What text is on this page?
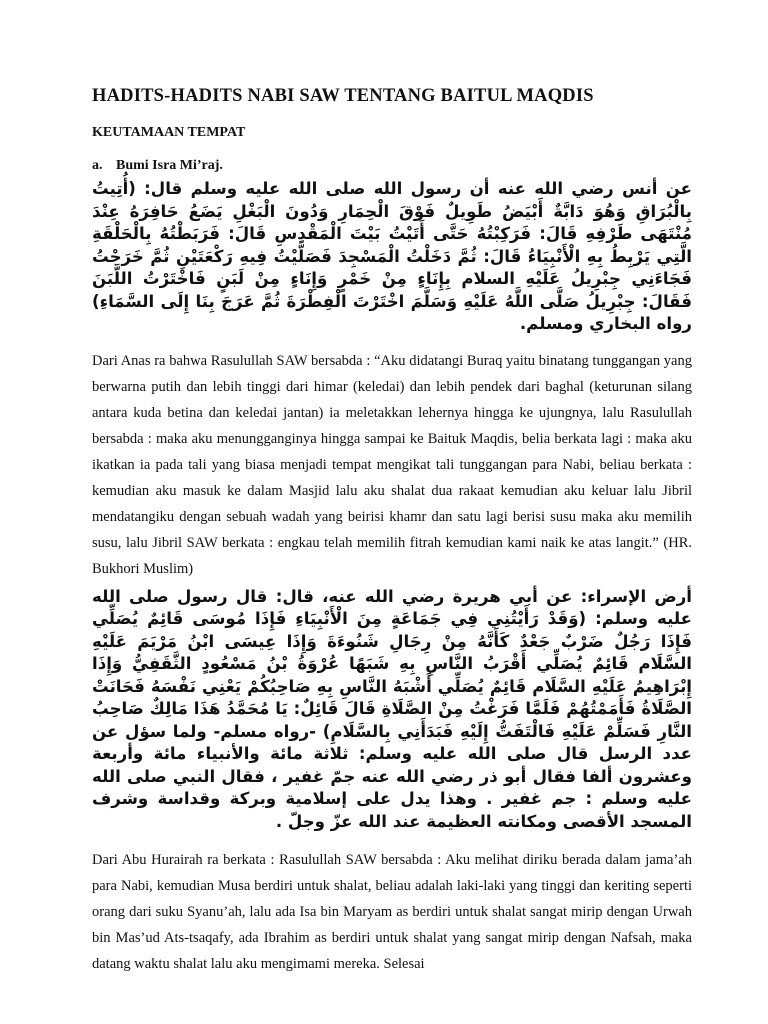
HADITS-HADITS NABI SAW TENTANG BAITUL MAQDIS
KEUTAMAAN TEMPAT
a. Bumi Isra Mi’raj.

عن أنس رضي الله عنه أن رسول الله صلى الله عليه وسلم قال: (أُتِيتُ بِالْبُرَاقِ وَهُوَ دَابَّةٌ أَبْيَضُ طَوِيلٌ فَوْقَ الْحِمَارِ وَدُونَ الْبَغْلِ يَضَعُ حَافِرَهُ عِنْدَ مُنْتَهَى طَرْفِهِ قَالَ: فَرَكِبْتُهُ حَتَّى أَتَيْتُ بَيْتَ الْمَقْدِسِ قَالَ: فَرَبَطْتُهُ بِالْحَلْقَةِ الَّتِي يَرْبِطُ بِهِ الْأَنْبِيَاءُ قَالَ: ثُمَّ دَخَلْتُ الْمَسْجِدَ فَصَلَّيْتُ فِيهِ رَكْعَتَيْنِ ثُمَّ خَرَجْتُ فَجَاءَنِي جِبْرِيلُ عَلَيْهِ السلام بِإِنَاءٍ مِنْ خَمْرٍ وَإِنَاءٍ مِنْ لَبَنٍ فَاخْتَرْتُ اللَّبَنَ فَقَالَ: جِبْرِيلُ صَلَّى اللَّهُ عَلَيْهِ وَسَلَّمَ اخْتَرْتَ الْفِطْرَةَ ثُمَّ عَرَجَ بِنَا إِلَى السَّمَاءِ) رواه البخاري ومسلم.

Dari Anas ra bahwa Rasulullah SAW bersabda : “Aku didatangi Buraq yaitu binatang tunggangan yang berwarna putih dan lebih tinggi dari himar (keledai) dan lebih pendek dari baghal (keturunan silang antara kuda betina dan keledai jantan) ia meletakkan lehernya hingga ke ujungnya, lalu Rasulullah bersabda : maka aku menungganginya hingga sampai ke Baituk Maqdis, belia berkata lagi : maka aku ikatkan ia pada tali yang biasa menjadi tempat mengikat tali tunggangan para Nabi, beliau berkata : kemudian aku masuk ke dalam Masjid lalu aku shalat dua rakaat kemudian aku keluar lalu Jibril mendatangiku dengan sebuah wadah yang beirisi khamr dan satu lagi berisi susu maka aku memilih susu, lalu Jibril SAW berkata : engkau telah memilih fitrah kemudian kami naik ke atas langit.” (HR. Bukhori Muslim)

أرض الإسراء: عن أبي هريرة رضي الله عنه، قال: قال رسول صلى الله عليه وسلم: (وَقَدْ رَأَيْتُنِي فِي جَمَاعَةٍ مِنَ الْأَنْبِيَاءِ فَإِذَا مُوسَى قَائِمٌ يُصَلِّي فَإِذَا رَجُلٌ ضَرْبٌ جَعْدٌ كَأَنَّهُ مِنْ رِجَالِ شَنُوءَةَ وَإِذَا عِيسَى ابْنُ مَرْيَمَ عَلَيْهِ السَّلَام قَائِمٌ يُصَلِّي أَقْرَبُ النَّاسِ بِهِ شَبَهًا عُرْوَةُ بْنُ مَسْعُودٍ الثَّقَفِيُّ وَإِذَا إِبْرَاهِيمُ عَلَيْهِ السَّلَام قَائِمٌ يُصَلِّي أَشْبَهُ النَّاسِ بِهِ صَاحِبُكُمْ يَعْنِي نَفْسَهُ فَحَانَتْ الصَّلَاةُ فَأَمَمْتُهُمْ فَلَمَّا فَرَغْتُ مِنْ الصَّلَاةِ قَالَ قَائِلٌ: يَا مُحَمَّدُ هَذَا مَالِكٌ صَاحِبُ النَّارِ فَسَلِّمْ عَلَيْهِ فَالْتَفَتُّ إِلَيْهِ فَبَدَأَنِي بِالسَّلَامِ) -رواه مسلم- ولما سؤل عن عدد الرسل قال صلى الله عليه وسلم: ثلاثة مائة والأنبياء مائة وأربعة وعشرون ألفا فقال أبو ذر رضي الله عنه جمّ غفير ، فقال النبي صلى الله عليه وسلم : جم غفير . وهذا يدل على إسلامية وبركة وقداسة وشرف المسجد الأقصى ومكانته العظيمة عند الله عزّ وجلّ .

Dari Abu Hurairah ra berkata : Rasulullah SAW bersabda : Aku melihat diriku berada dalam jama’ah para Nabi, kemudian Musa berdiri untuk shalat, beliau adalah laki-laki yang tinggi dan keriting seperti orang dari suku Syanu’ah, lalu ada Isa bin Maryam as berdiri untuk shalat sangat mirip dengan Urwah bin Mas’ud Ats-tsaqafy, ada Ibrahim as berdiri untuk shalat yang sangat mirip dengan Nafsah, maka datang waktu shalat lalu aku mengimami mereka. Selesai
